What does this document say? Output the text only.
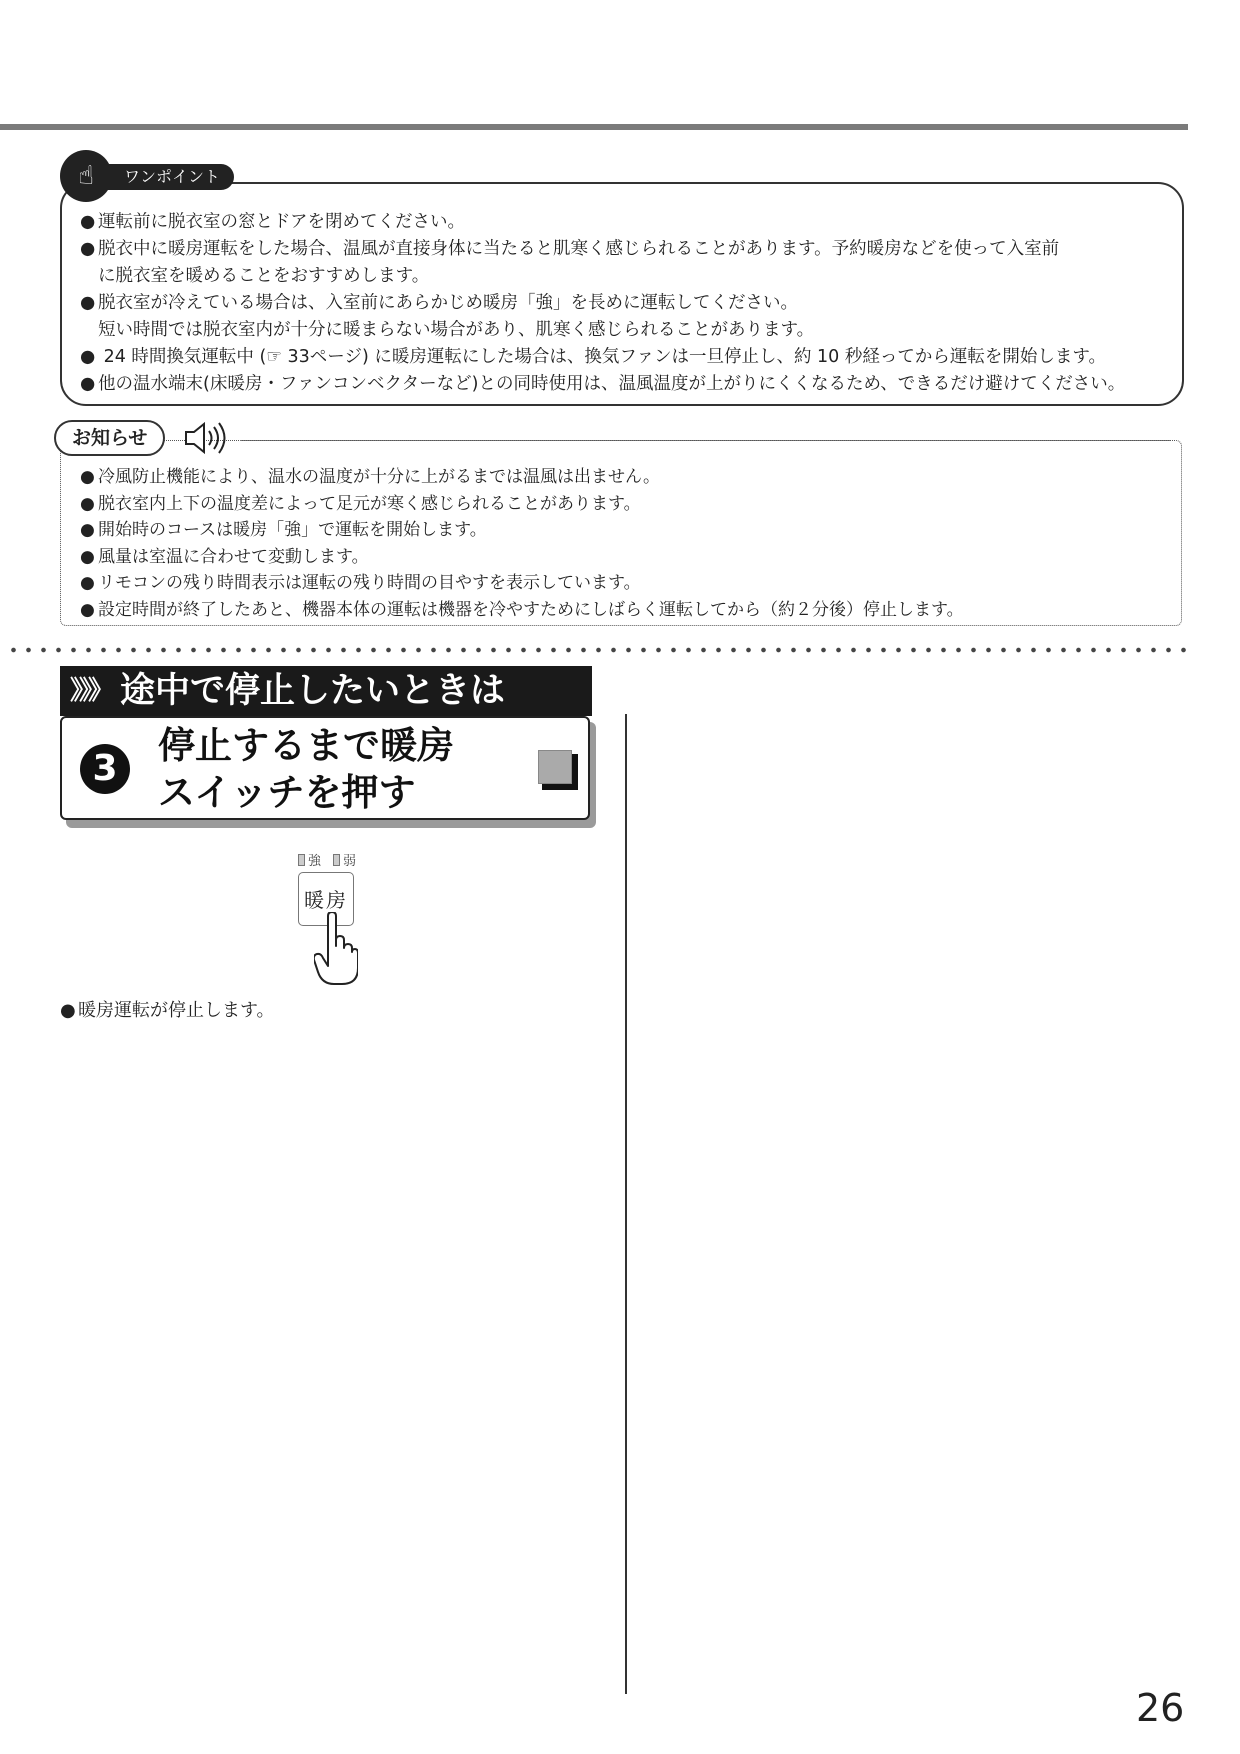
ワンポイント
☝
● 運転前に脱衣室の窓とドアを閉めてください。
● 脱衣中に暖房運転をした場合、温風が直接身体に当たると肌寒く感じられることがあります。予約暖房などを使って入室前
に脱衣室を暖めることをおすすめします。
● 脱衣室が冷えている場合は、入室前にあらかじめ暖房「強」を長めに運転してください。
短い時間では脱衣室内が十分に暖まらない場合があり、肌寒く感じられることがあります。
● 24 時間換気運転中 (☞ 33ページ) に暖房運転にした場合は、換気ファンは一旦停止し、約 10 秒経ってから運転を開始します。
● 他の温水端末(床暖房・ファンコンベクターなど)との同時使用は、温風温度が上がりにくくなるため、できるだけ避けてください。
お知らせ
● 冷風防止機能により、温水の温度が十分に上がるまでは温風は出ません。
● 脱衣室内上下の温度差によって足元が寒く感じられることがあります。
● 開始時のコースは暖房「強」で運転を開始します。
● 風量は室温に合わせて変動します。
● リモコンの残り時間表示は運転の残り時間の目やすを表示しています。
● 設定時間が終了したあと、機器本体の運転は機器を冷やすためにしばらく運転してから（約２分後）停止します。
》》》 途中で停止したいときは
3
停止するまで暖房
スイッチを押す
強 弱
暖房
● 暖房運転が停止します。
26
